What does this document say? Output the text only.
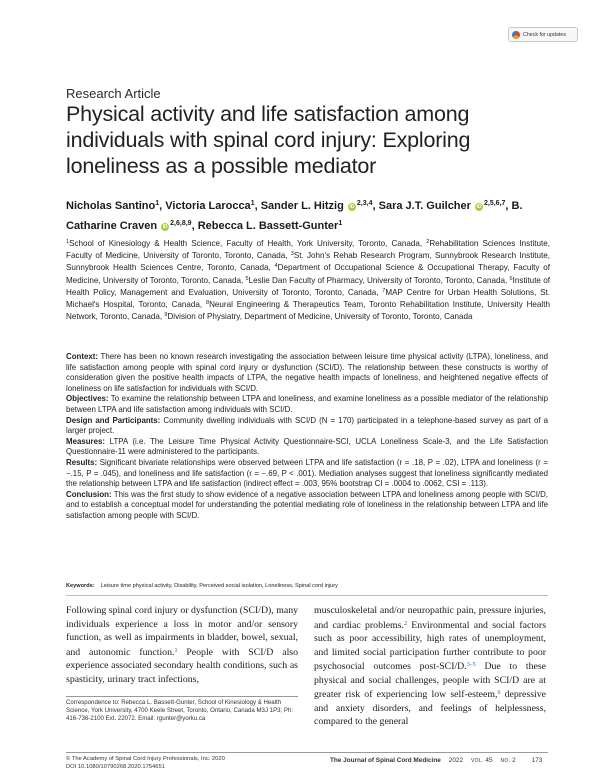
Check for updates
Research Article
Physical activity and life satisfaction among individuals with spinal cord injury: Exploring loneliness as a possible mediator
Nicholas Santino$^1$, Victoria Larocca$^1$, Sander L. Hitzig iD $^{2,3,4}$, Sara J.T. Guilcher iD $^{2,5,6,7}$, B. Catharine Craven iD $^{2,6,8,9}$, Rebecca L. Bassett-Gunter$^1$
$^1$School of Kinesiology & Health Science, Faculty of Health, York University, Toronto, Canada, $^2$Rehabilitation Sciences Institute, Faculty of Medicine, University of Toronto, Toronto, Canada, $^3$St. John's Rehab Research Program, Sunnybrook Research Institute, Sunnybrook Health Sciences Centre, Toronto, Canada, $^4$Department of Occupational Science & Occupational Therapy, Faculty of Medicine, University of Toronto, Toronto, Canada, $^5$Leslie Dan Faculty of Pharmacy, University of Toronto, Toronto, Canada, $^6$Institute of Health Policy, Management and Evaluation, University of Toronto, Toronto, Canada, $^7$MAP Centre for Urban Health Solutions, St. Michael's Hospital, Toronto, Canada, $^8$Neural Engineering & Therapeutics Team, Toronto Rehabilitation Institute, University Health Network, Toronto, Canada, $^9$Division of Physiatry, Department of Medicine, University of Toronto, Toronto, Canada

Context: There has been no known research investigating the association between leisure time physical activity (LTPA), loneliness, and life satisfaction among people with spinal cord injury or dysfunction (SCI/D). The relationship between these constructs is worthy of consideration given the positive health impacts of LTPA, the negative health impacts of loneliness, and heightened negative effects of loneliness on life satisfaction for individuals with SCI/D.

Objectives: To examine the relationship between LTPA and loneliness, and examine loneliness as a possible mediator of the relationship between LTPA and life satisfaction among individuals with SCI/D.

Design and Participants: Community dwelling individuals with SCI/D (N = 170) participated in a telephone-based survey as part of a larger project.

Measures: LTPA (i.e. The Leisure Time Physical Activity Questionnaire-SCI, UCLA Loneliness Scale-3, and the Life Satisfaction Questionnaire-11 were administered to the participants.

Results: Significant bivariate relationships were observed between LTPA and life satisfaction (r = .18, P = .02), LTPA and loneliness (r = −.15, P = .045), and loneliness and life satisfaction (r = −.69, P < .001). Mediation analyses suggest that loneliness significantly mediated the relationship between LTPA and life satisfaction (indirect effect = .003, 95% bootstrap CI = .0004 to .0062, CSI = .113).

Conclusion: This was the first study to show evidence of a negative association between LTPA and loneliness among people with SCI/D, and to establish a conceptual model for understanding the potential mediating role of loneliness in the relationship between LTPA and life satisfaction among people with SCI/D.

Keywords: Leisure time physical activity, Disability, Perceived social isolation, Loneliness, Spinal cord injury
Following spinal cord injury or dysfunction (SCI/D), many individuals experience a loss in motor and/or sensory function, as well as impairments in bladder, bowel, sexual, and autonomic function.$^1$ People with SCI/D also experience associated secondary health conditions, such as spasticity, urinary tract infections,
musculoskeletal and/or neuropathic pain, pressure injuries, and cardiac problems.$^2$ Environmental and social factors such as poor accessibility, high rates of unemployment, and limited social participation further contribute to poor psychosocial outcomes post-SCI/D.$^{3-5}$ Due to these physical and social challenges, people with SCI/D are at greater risk of experiencing low self-esteem,$^6$ depressive and anxiety disorders, and feelings of helplessness, compared to the general
Correspondence to: Rebecca L. Bassett-Gunter, School of Kinesiology & Health Science, York University, 4700 Keele Street, Toronto, Ontario, Canada M3J 1P3; Ph: 416-736-2100 Ext. 22072. Email: rgunter@yorku.ca
© The Academy of Spinal Cord Injury Professionals, Inc. 2020
DOI 10.1080/10790268.2020.1754651
The Journal of Spinal Cord Medicine 2022 VOL. 45 NO. 2	173
